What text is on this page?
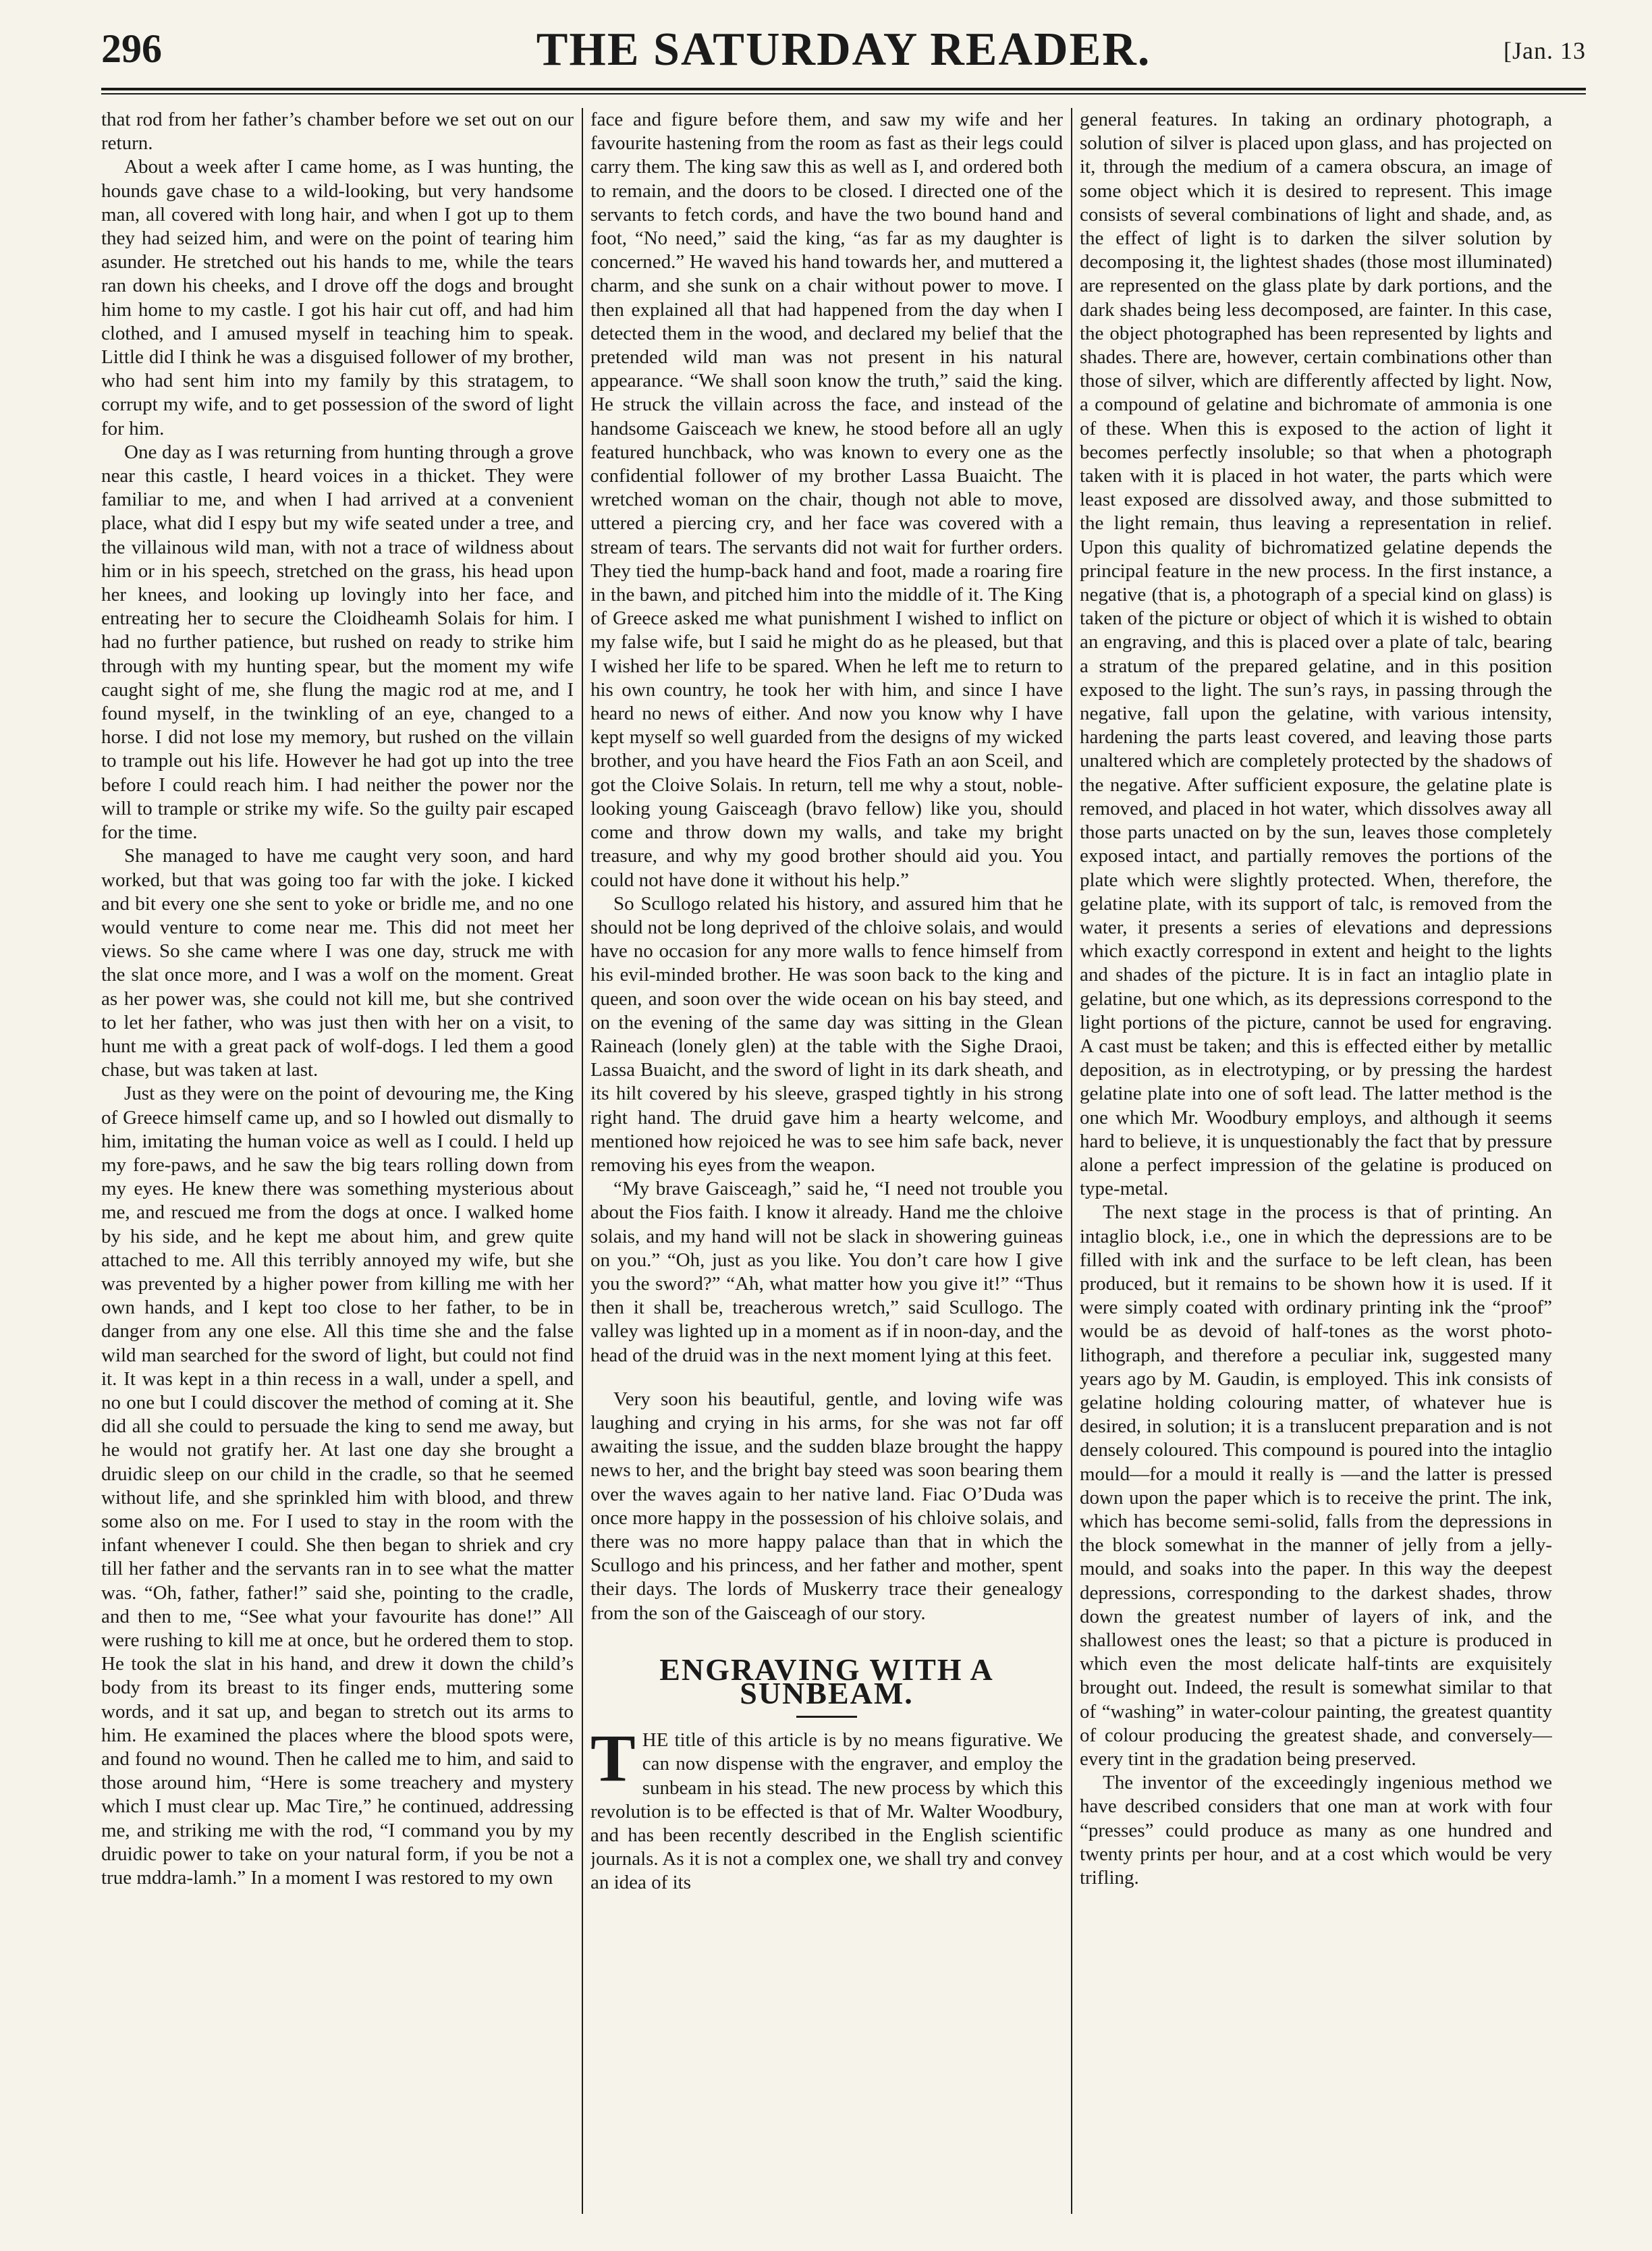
296	THE SATURDAY READER.	[Jan. 13

that rod from her father’s chamber before we set out on our return.

About a week after I came home, as I was hunting, the hounds gave chase to a wild-looking, but very handsome man, all covered with long hair, and when I got up to them they had seized him, and were on the point of tearing him asunder. He stretched out his hands to me, while the tears ran down his cheeks, and I drove off the dogs and brought him home to my castle. I got his hair cut off, and had him clothed, and I amused myself in teaching him to speak. Little did I think he was a disguised follower of my brother, who had sent him into my family by this stratagem, to corrupt my wife, and to get possession of the sword of light for him.

One day as I was returning from hunting through a grove near this castle, I heard voices in a thicket. They were familiar to me, and when I had arrived at a convenient place, what did I espy but my wife seated under a tree, and the villainous wild man, with not a trace of wildness about him or in his speech, stretched on the grass, his head upon her knees, and looking up lovingly into her face, and entreating her to secure the Cloidheamh Solais for him. I had no further patience, but rushed on ready to strike him through with my hunting spear, but the moment my wife caught sight of me, she flung the magic rod at me, and I found myself, in the twinkling of an eye, changed to a horse. I did not lose my memory, but rushed on the villain to trample out his life. However he had got up into the tree before I could reach him. I had neither the power nor the will to trample or strike my wife. So the guilty pair escaped for the time.

She managed to have me caught very soon, and hard worked, but that was going too far with the joke. I kicked and bit every one she sent to yoke or bridle me, and no one would venture to come near me. This did not meet her views. So she came where I was one day, struck me with the slat once more, and I was a wolf on the moment. Great as her power was, she could not kill me, but she contrived to let her father, who was just then with her on a visit, to hunt me with a great pack of wolf-dogs. I led them a good chase, but was taken at last.

Just as they were on the point of devouring me, the King of Greece himself came up, and so I howled out dismally to him, imitating the human voice as well as I could. I held up my fore-paws, and he saw the big tears rolling down from my eyes. He knew there was something mysterious about me, and rescued me from the dogs at once. I walked home by his side, and he kept me about him, and grew quite attached to me. All this terribly annoyed my wife, but she was prevented by a higher power from killing me with her own hands, and I kept too close to her father, to be in danger from any one else. All this time she and the false wild man searched for the sword of light, but could not find it. It was kept in a thin recess in a wall, under a spell, and no one but I could discover the method of coming at it. She did all she could to persuade the king to send me away, but he would not gratify her. At last one day she brought a druidic sleep on our child in the cradle, so that he seemed without life, and she sprinkled him with blood, and threw some also on me. For I used to stay in the room with the infant whenever I could. She then began to shriek and cry till her father and the servants ran in to see what the matter was. “Oh, father, father!” said she, pointing to the cradle, and then to me, “See what your favourite has done!” All were rushing to kill me at once, but he ordered them to stop. He took the slat in his hand, and drew it down the child’s body from its breast to its finger ends, muttering some words, and it sat up, and began to stretch out its arms to him. He examined the places where the blood spots were, and found no wound. Then he called me to him, and said to those around him, “Here is some treachery and mystery which I must clear up. Mac Tire,” he continued, addressing me, and striking me with the rod, “I command you by my druidic power to take on your natural form, if you be not a true mddra-lamh.” In a moment I was restored to my own

face and figure before them, and saw my wife and her favourite hastening from the room as fast as their legs could carry them. The king saw this as well as I, and ordered both to remain, and the doors to be closed. I directed one of the servants to fetch cords, and have the two bound hand and foot, “No need,” said the king, “as far as my daughter is concerned.” He waved his hand towards her, and muttered a charm, and she sunk on a chair without power to move. I then explained all that had happened from the day when I detected them in the wood, and declared my belief that the pretended wild man was not present in his natural appearance. “We shall soon know the truth,” said the king. He struck the villain across the face, and instead of the handsome Gaisceach we knew, he stood before all an ugly featured hunchback, who was known to every one as the confidential follower of my brother Lassa Buaicht. The wretched woman on the chair, though not able to move, uttered a piercing cry, and her face was covered with a stream of tears. The servants did not wait for further orders. They tied the hump-back hand and foot, made a roaring fire in the bawn, and pitched him into the middle of it. The King of Greece asked me what punishment I wished to inflict on my false wife, but I said he might do as he pleased, but that I wished her life to be spared. When he left me to return to his own country, he took her with him, and since I have heard no news of either. And now you know why I have kept myself so well guarded from the designs of my wicked brother, and you have heard the Fios Fath an aon Sceil, and got the Cloive Solais. In return, tell me why a stout, noble-looking young Gaisceagh (bravo fellow) like you, should come and throw down my walls, and take my bright treasure, and why my good brother should aid you. You could not have done it without his help.”

So Scullogo related his history, and assured him that he should not be long deprived of the chloive solais, and would have no occasion for any more walls to fence himself from his evil-minded brother. He was soon back to the king and queen, and soon over the wide ocean on his bay steed, and on the evening of the same day was sitting in the Glean Raineach (lonely glen) at the table with the Sighe Draoi, Lassa Buaicht, and the sword of light in its dark sheath, and its hilt covered by his sleeve, grasped tightly in his strong right hand. The druid gave him a hearty welcome, and mentioned how rejoiced he was to see him safe back, never removing his eyes from the weapon.

“My brave Gaisceagh,” said he, “I need not trouble you about the Fios faith. I know it already. Hand me the chloive solais, and my hand will not be slack in showering guineas on you.” “Oh, just as you like. You don’t care how I give you the sword?” “Ah, what matter how you give it!” “Thus then it shall be, treacherous wretch,” said Scullogo. The valley was lighted up in a moment as if in noon-day, and the head of the druid was in the next moment lying at this feet.

Very soon his beautiful, gentle, and loving wife was laughing and crying in his arms, for she was not far off awaiting the issue, and the sudden blaze brought the happy news to her, and the bright bay steed was soon bearing them over the waves again to her native land. Fiac O’Duda was once more happy in the possession of his chloive solais, and there was no more happy palace than that in which the Scullogo and his princess, and her father and mother, spent their days. The lords of Muskerry trace their genealogy from the son of the Gaisceagh of our story.

ENGRAVING WITH A SUNBEAM.

THE title of this article is by no means figurative. We can now dispense with the engraver, and employ the sunbeam in his stead. The new process by which this revolution is to be effected is that of Mr. Walter Woodbury, and has been recently described in the English scientific journals. As it is not a complex one, we shall try and convey an idea of its

general features. In taking an ordinary photograph, a solution of silver is placed upon glass, and has projected on it, through the medium of a camera obscura, an image of some object which it is desired to represent. This image consists of several combinations of light and shade, and, as the effect of light is to darken the silver solution by decomposing it, the lightest shades (those most illuminated) are represented on the glass plate by dark portions, and the dark shades being less decomposed, are fainter. In this case, the object photographed has been represented by lights and shades. There are, however, certain combinations other than those of silver, which are differently affected by light. Now, a compound of gelatine and bichromate of ammonia is one of these. When this is exposed to the action of light it becomes perfectly insoluble; so that when a photograph taken with it is placed in hot water, the parts which were least exposed are dissolved away, and those submitted to the light remain, thus leaving a representation in relief. Upon this quality of bichromatized gelatine depends the principal feature in the new process. In the first instance, a negative (that is, a photograph of a special kind on glass) is taken of the picture or object of which it is wished to obtain an engraving, and this is placed over a plate of talc, bearing a stratum of the prepared gelatine, and in this position exposed to the light. The sun’s rays, in passing through the negative, fall upon the gelatine, with various intensity, hardening the parts least covered, and leaving those parts unaltered which are completely protected by the shadows of the negative. After sufficient exposure, the gelatine plate is removed, and placed in hot water, which dissolves away all those parts unacted on by the sun, leaves those completely exposed intact, and partially removes the portions of the plate which were slightly protected. When, therefore, the gelatine plate, with its support of talc, is removed from the water, it presents a series of elevations and depressions which exactly correspond in extent and height to the lights and shades of the picture. It is in fact an intaglio plate in gelatine, but one which, as its depressions correspond to the light portions of the picture, cannot be used for engraving. A cast must be taken; and this is effected either by metallic deposition, as in electrotyping, or by pressing the hardest gelatine plate into one of soft lead. The latter method is the one which Mr. Woodbury employs, and although it seems hard to believe, it is unquestionably the fact that by pressure alone a perfect impression of the gelatine is produced on type-metal.

The next stage in the process is that of printing. An intaglio block, i.e., one in which the depressions are to be filled with ink and the surface to be left clean, has been produced, but it remains to be shown how it is used. If it were simply coated with ordinary printing ink the “proof” would be as devoid of half-tones as the worst photo-lithograph, and therefore a peculiar ink, suggested many years ago by M. Gaudin, is employed. This ink consists of gelatine holding colouring matter, of whatever hue is desired, in solution; it is a translucent preparation and is not densely coloured. This compound is poured into the intaglio mould—for a mould it really is —and the latter is pressed down upon the paper which is to receive the print. The ink, which has become semi-solid, falls from the depressions in the block somewhat in the manner of jelly from a jelly-mould, and soaks into the paper. In this way the deepest depressions, corresponding to the darkest shades, throw down the greatest number of layers of ink, and the shallowest ones the least; so that a picture is produced in which even the most delicate half-tints are exquisitely brought out. Indeed, the result is somewhat similar to that of “washing” in water-colour painting, the greatest quantity of colour producing the greatest shade, and conversely—every tint in the gradation being preserved.

The inventor of the exceedingly ingenious method we have described considers that one man at work with four “presses” could produce as many as one hundred and twenty prints per hour, and at a cost which would be very trifling.
